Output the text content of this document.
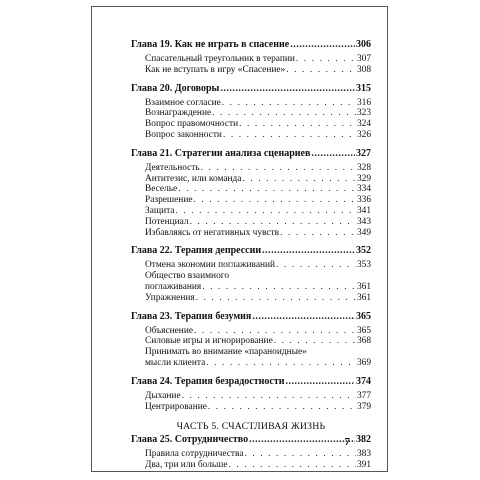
Глава 19. Как не играть в спасение .....	306
Спасательный треугольник в терапии . . .	307
Как не вступать в игру «Спасение» . . .	308
Глава 20. Договоры .....	315
Взаимное согласие . . .	316
Вознаграждение . . .	323
Вопрос правомочности . . .	324
Вопрос законности . . .	326
Глава 21. Стратегии анализа сценариев .....	327
Деятельность . . .	328
Антитезис, или команда . . .	329
Веселье . . .	334
Разрешение . . .	336
Защита . . .	341
Потенциал . . .	343
Избавляясь от негативных чувств . . .	349
Глава 22. Терапия депрессии .....	352
Отмена экономии поглаживаний . . .	353
Общество взаимного
поглаживания . . .	361
Упражнения . . .	361
Глава 23. Терапия безумия .....	365
Объяснение . . .	365
Силовые игры и игнорирование . . .	368
Принимать во внимание «параноидные»
мысли клиента . . .	369
Глава 24. Терапия безрадостности .....	374
Дыхание . . .	377
Центрирование . . .	379
ЧАСТЬ 5. СЧАСТЛИВАЯ ЖИЗНЬ
Глава 25. Сотрудничество .....	382
Правила сотрудничества . . .	383
Два, три или больше . . .	391
7
